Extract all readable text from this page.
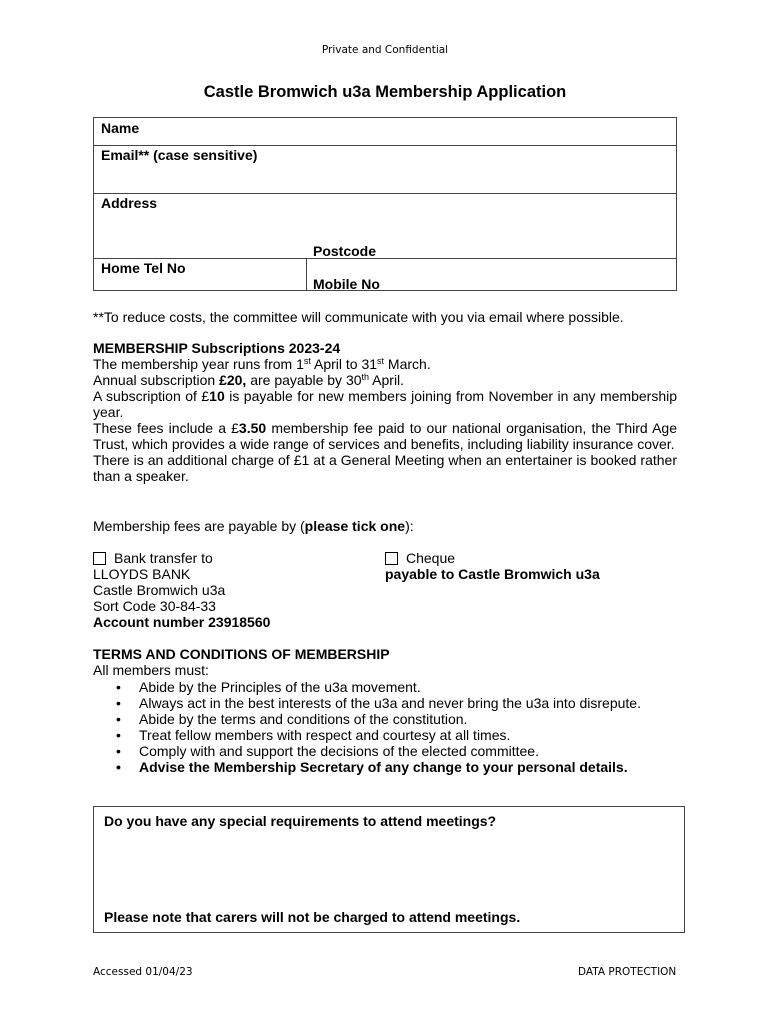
Private and Confidential
Castle Bromwich u3a Membership Application
Name
Email** (case sensitive)
Address
Postcode
Home Tel No
Mobile No
**To reduce costs, the committee will communicate with you via email where possible.
MEMBERSHIP Subscriptions 2023-24
The membership year runs from 1st April to 31st March.
Annual subscription £20, are payable by 30th April.
A subscription of £10 is payable for new members joining from November in any membership year.
These fees include a £3.50 membership fee paid to our national organisation, the Third Age Trust, which provides a wide range of services and benefits, including liability insurance cover.
There is an additional charge of £1 at a General Meeting when an entertainer is booked rather than a speaker.
Membership fees are payable by (please tick one):
Bank transfer to
LLOYDS BANK
Castle Bromwich u3a
Sort Code 30-84-33
Account number 23918560
Cheque
payable to Castle Bromwich u3a
TERMS AND CONDITIONS OF MEMBERSHIP
All members must:
• Abide by the Principles of the u3a movement.
• Always act in the best interests of the u3a and never bring the u3a into disrepute.
• Abide by the terms and conditions of the constitution.
• Treat fellow members with respect and courtesy at all times.
• Comply with and support the decisions of the elected committee.
• Advise the Membership Secretary of any change to your personal details.
Do you have any special requirements to attend meetings?
Please note that carers will not be charged to attend meetings.
Accessed 01/04/23	DATA PROTECTION
